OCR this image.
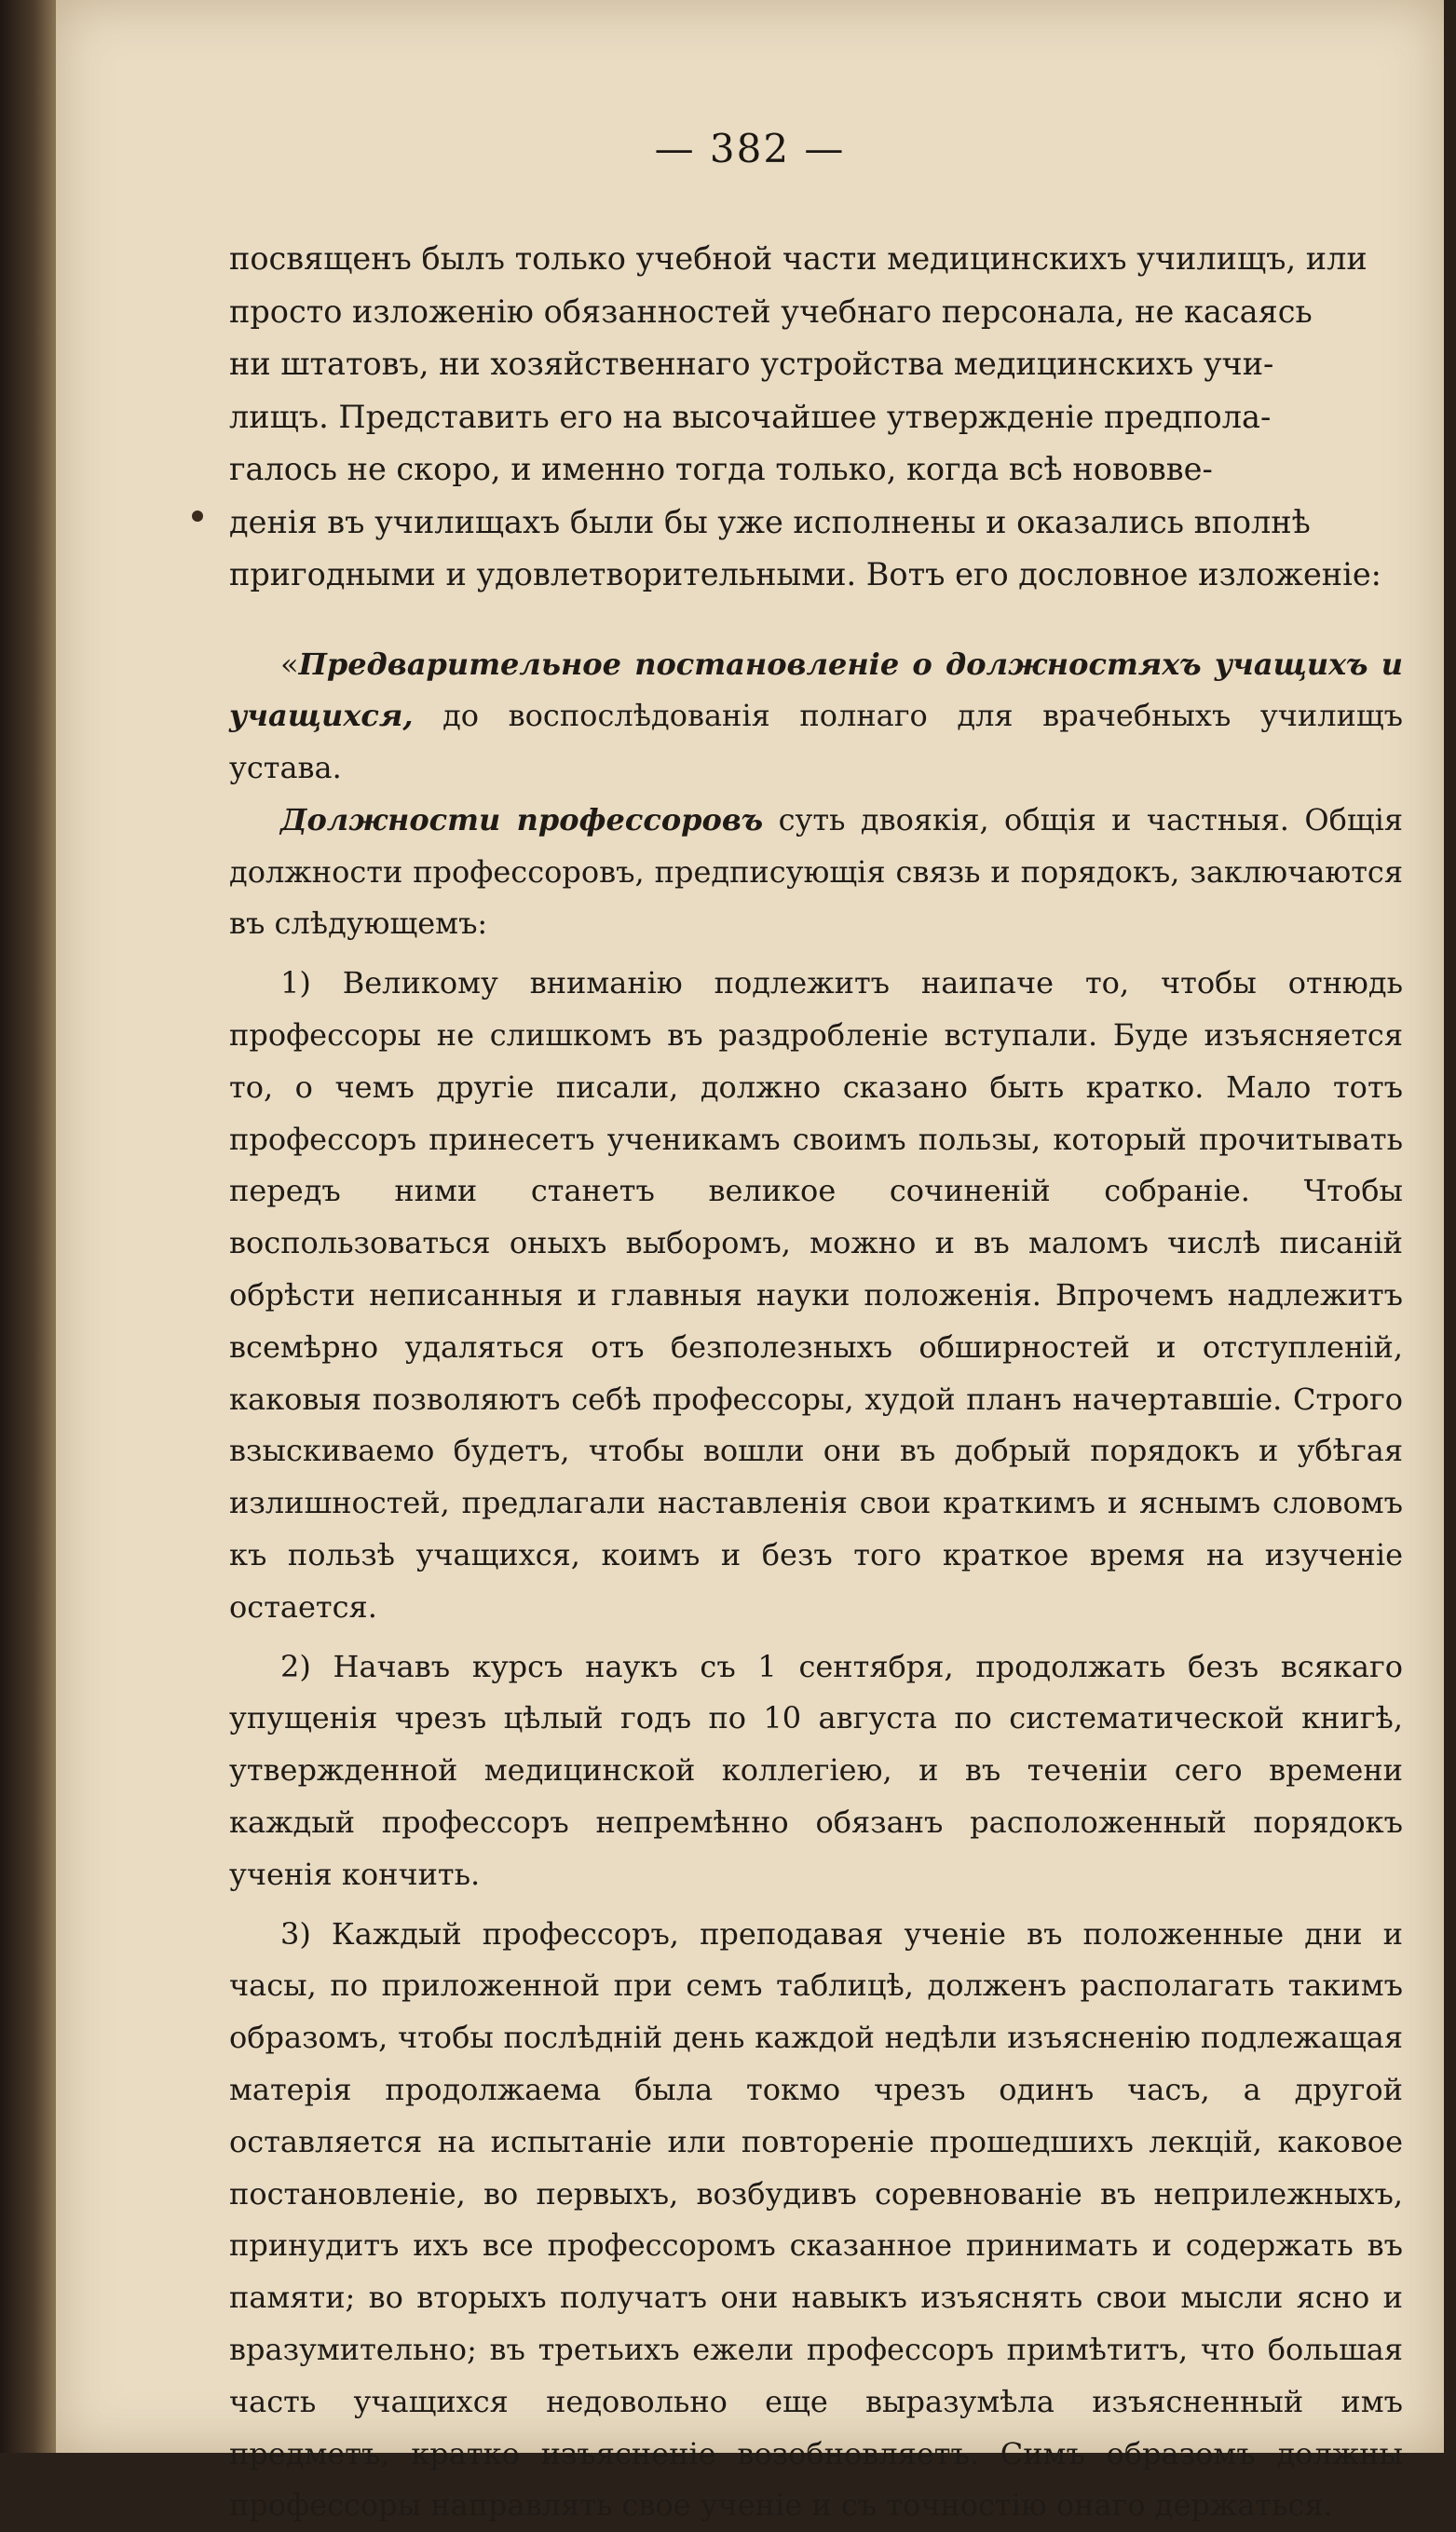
— 382 —

посвященъ былъ только учебной части медицинскихъ училищъ, или

просто изложенію обязанностей учебнаго персонала, не касаясь

ни штатовъ, ни хозяйственнаго устройства медицинскихъ учи-

лищъ. Представить его на высочайшее утвержденіе предпола-

галось не скоро, и именно тогда только, когда всѣ нововве-

денія въ училищахъ были бы уже исполнены и оказались вполнѣ

пригодными и удовлетворительными. Вотъ его дословное изложеніе:

«Предварительное постановленіе о должностяхъ учащихъ и учащихся, до воспослѣдованія полнаго для врачебныхъ училищъ устава.

Должности профессоровъ суть двоякія, общія и частныя. Общія должности профессоровъ, предписующія связь и порядокъ, заключаются въ слѣдующемъ:

1) Великому вниманію подлежитъ наипаче то, чтобы отнюдь профессоры не слишкомъ въ раздробленіе вступали. Буде изъясняется то, о чемъ другіе писали, должно сказано быть кратко. Мало тотъ профессоръ принесетъ ученикамъ своимъ пользы, который прочитывать передъ ними станетъ великое сочиненій собраніе. Чтобы воспользоваться оныхъ выборомъ, можно и въ маломъ числѣ писаній обрѣсти неписанныя и главныя науки положенія. Впрочемъ надлежитъ всемѣрно удаляться отъ безполезныхъ обширностей и отступленій, каковыя позволяютъ себѣ профессоры, худой планъ начертавшіе. Строго взыскиваемо будетъ, чтобы вошли они въ добрый порядокъ и убѣгая излишностей, предлагали наставленія свои краткимъ и яснымъ словомъ къ пользѣ учащихся, коимъ и безъ того краткое время на изученіе остается.

2) Начавъ курсъ наукъ съ 1 сентября, продолжать безъ всякаго упущенія чрезъ цѣлый годъ по 10 августа по систематической книгѣ, утвержденной медицинской коллегіею, и въ теченіи сего времени каждый профессоръ непремѣнно обязанъ расположенный порядокъ ученія кончить.

3) Каждый профессоръ, преподавая ученіе въ положенные дни и часы, по приложенной при семъ таблицѣ, долженъ располагать такимъ образомъ, чтобы послѣдній день каждой недѣли изъясненію подлежащая матерія продолжаема была токмо чрезъ одинъ часъ, а другой оставляется на испытаніе или повтореніе прошедшихъ лекцій, каковое постановленіе, во первыхъ, возбудивъ соревнованіе въ неприлежныхъ, принудитъ ихъ все профессоромъ сказанное принимать и содержать въ памяти; во вторыхъ получатъ они навыкъ изъяснять свои мысли ясно и вразумительно; въ третьихъ ежели профессоръ примѣтитъ, что большая часть учащихся недовольно еще выразумѣла изъясненный имъ предметъ, кратко изъясненіе возобновляетъ. Симъ образомъ должны профессоры направлять свое ученіе и съ точностію онаго держаться.
